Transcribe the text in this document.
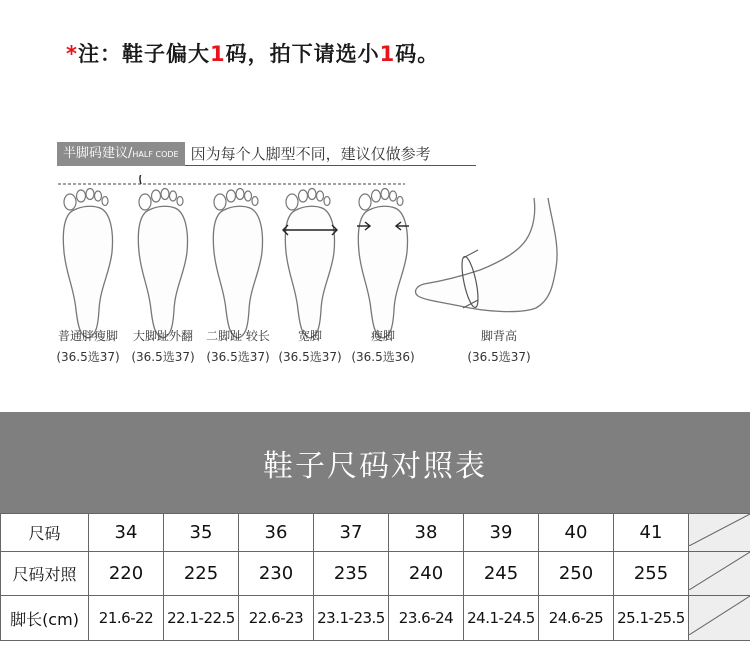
*注：鞋子偏大1码，拍下请选小1码。
半脚码建议/HALF CODE 因为每个人脚型不同，建议仅做参考
普通胖瘦脚
(36.5选37)
大脚趾外翻
(36.5选37)
二脚趾 较长
(36.5选37)
宽脚
(36.5选37)
瘦脚
(36.5选36)
脚背高
(36.5选37)
鞋子尺码对照表
尺码	34	35	36	37	38	39	40	41	
尺码对照	220	225	230	235	240	245	250	255	
脚长(cm)	21.6-22	22.1-22.5	22.6-23	23.1-23.5	23.6-24	24.1-24.5	24.6-25	25.1-25.5	
